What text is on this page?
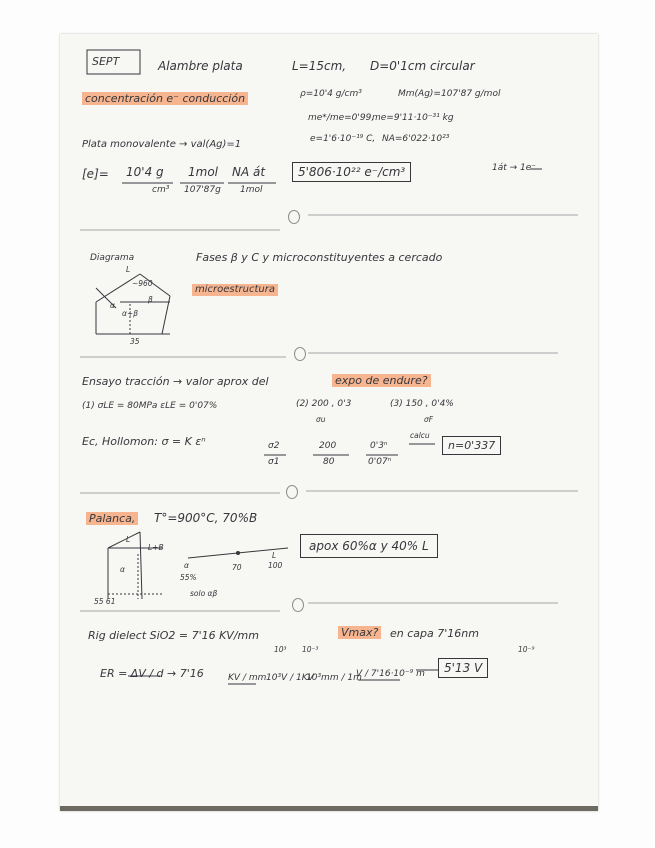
SEPT	Alambre plata	L=15cm, D=0'1cm circular
concentración e⁻ conducción	ρ=10'4 g/cm³	Mm(Ag)=107'87 g/mol
me*/me=0'99,
me=9'11·10⁻³¹ kg
e=1'6·10⁻¹⁹ C, NA=6'022·10²³
Plata monovalente → val(Ag)=1
[e]= 10'4 g
cm³
1mol
107'87g
NA át
1mol
5'806·10²² e⁻/cm³	1át → 1e⁻
Diagrama	Fases β y C y microconstituyentes a cercado
microestructura
L
~960
α
β
α+β
35
Ensayo tracción → valor aprox del	expo de endure?
(1) σLE = 80MPa εLE = 0'07%	(2) 200 , 0'3
σu
(3) 150 , 0'4%
σF
Ec, Hollomon: σ = K εⁿ	σ2
σ1
200
80
0'3ⁿ
0'07ⁿ
calcu
n=0'337
Palanca, T°=900°C, 70%B
L
L+B
α
55 61
α
55%
70
L
100
solo αβ
apox 60%α y 40% L
Rig dielect SiO2 = 7'16 KV/mm
10³ 10⁻³
Vmax? en capa 7'16nm
10⁻⁹
ER = ΔV / d → 7'16	KV / mm 10³V / 1KV
10³mm / 1m
V / 7'16·10⁻⁹ m	5'13 V
